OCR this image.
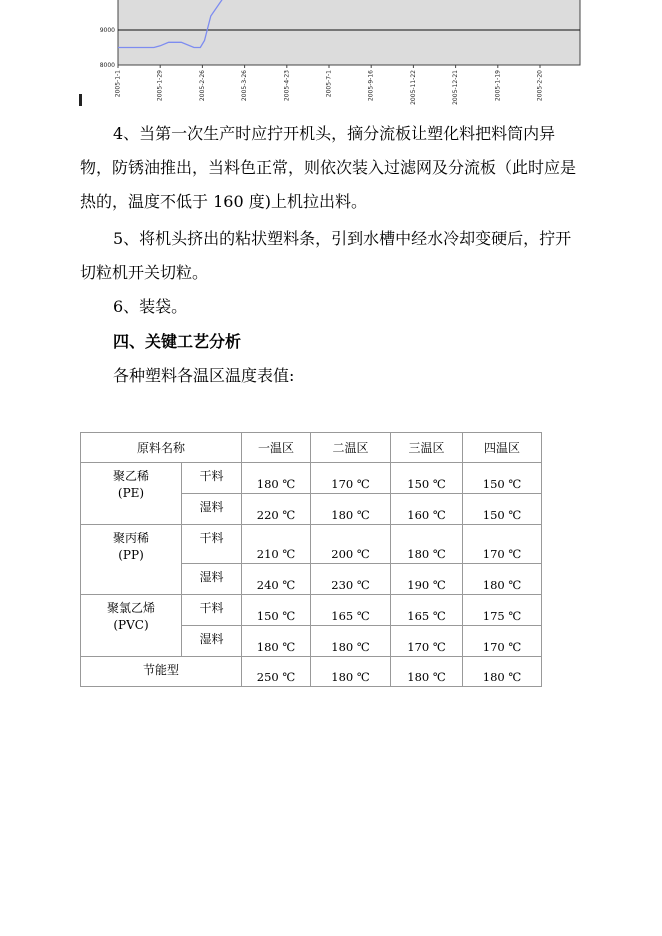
9000
8000
2005-1-1	2005-1-29	2005-2-26	2005-3-26	2005-4-23	2005-7-1	2005-9-16	2005-11-22	2005-12-21	2005-1-19	2005-2-20

4、当第一次生产时应拧开机头，摘分流板让塑化料把料筒内异物，防锈油推出，当料色正常，则依次装入过滤网及分流板（此时应是热的，温度不低于 160 度)上机拉出料。

5、将机头挤出的粘状塑料条，引到水槽中经水冷却变硬后，拧开切粒机开关切粒。

6、装袋。

四、关键工艺分析

各种塑料各温区温度表值:

原料名称		一温区	二温区	三温区	四温区
聚乙稀
(PE)	干料	180 ℃	170 ℃	150 ℃	150 ℃
	湿料	220 ℃	180 ℃	160 ℃	150 ℃
聚丙稀
(PP)	干料	210 ℃	200 ℃	180 ℃	170 ℃
	湿料	240 ℃	230 ℃	190 ℃	180 ℃
聚氯乙烯
(PVC)	干料	150 ℃	165 ℃	165 ℃	175 ℃
	湿料	180 ℃	180 ℃	170 ℃	170 ℃
节能型		250 ℃	180 ℃	180 ℃	180 ℃
